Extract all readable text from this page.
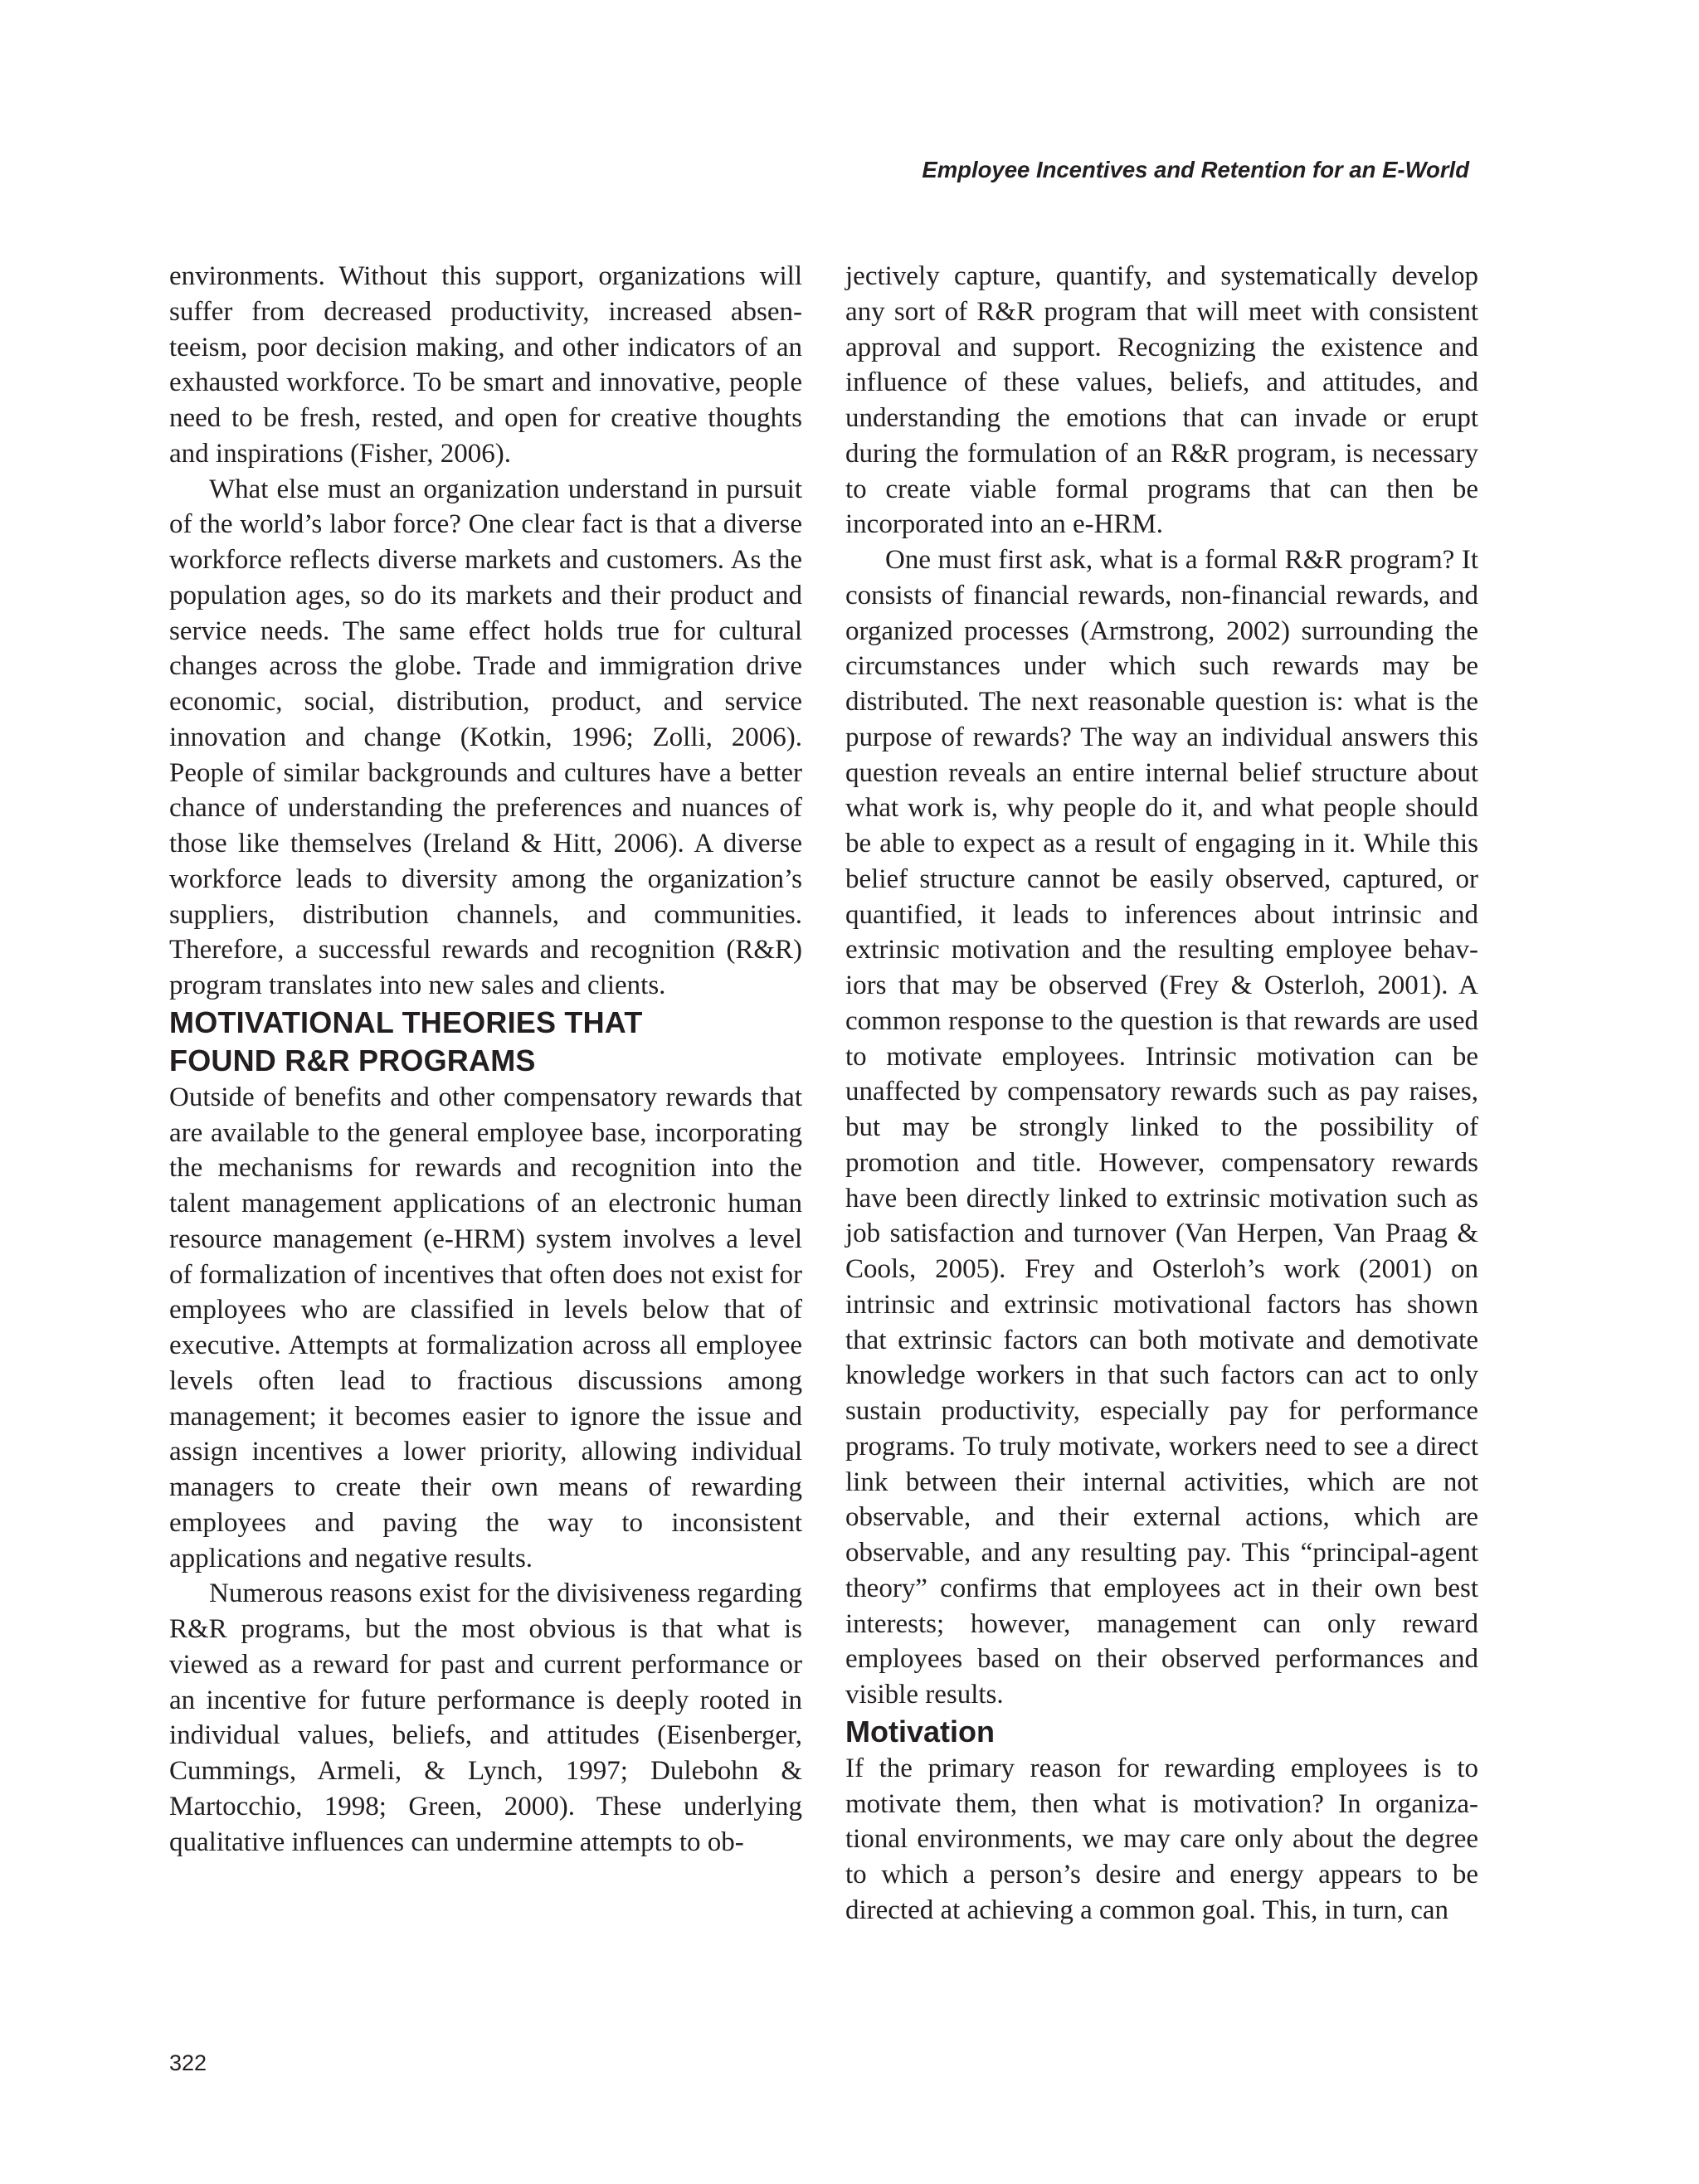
Employee Incentives and Retention for an E-World

environments. Without this support, organizations will suffer from decreased productivity, increased absenteeism, poor decision making, and other indicators of an exhausted workforce. To be smart and innovative, people need to be fresh, rested, and open for creative thoughts and inspirations (Fisher, 2006).

What else must an organization understand in pursuit of the world’s labor force? One clear fact is that a diverse workforce reflects diverse markets and customers. As the population ages, so do its markets and their product and service needs. The same effect holds true for cultural changes across the globe. Trade and immigration drive economic, social, distribution, product, and service innovation and change (Kotkin, 1996; Zolli, 2006). People of similar backgrounds and cultures have a better chance of understanding the preferences and nuances of those like themselves (Ireland & Hitt, 2006). A diverse workforce leads to diversity among the organization’s suppliers, distribution channels, and communities. Therefore, a successful rewards and recognition (R&R) program translates into new sales and clients.

MOTIVATIONAL THEORIES THAT
FOUND R&R PROGRAMS

Outside of benefits and other compensatory rewards that are available to the general employee base, incorporating the mechanisms for rewards and recognition into the talent management applications of an electronic human resource management (e-HRM) system involves a level of formalization of incentives that often does not exist for employees who are classified in levels below that of executive. Attempts at formalization across all employee levels often lead to fractious discussions among management; it becomes easier to ignore the issue and assign incentives a lower priority, allowing individual managers to create their own means of rewarding employees and paving the way to inconsistent applications and negative results.

Numerous reasons exist for the divisiveness regarding R&R programs, but the most obvious is that what is viewed as a reward for past and current performance or an incentive for future performance is deeply rooted in individual values, beliefs, and attitudes (Eisenberger, Cummings, Armeli, & Lynch, 1997; Dulebohn & Martocchio, 1998; Green, 2000). These underlying qualitative influences can undermine attempts to ob-

jectively capture, quantify, and systematically develop any sort of R&R program that will meet with consistent approval and support. Recognizing the existence and influence of these values, beliefs, and attitudes, and understanding the emotions that can invade or erupt during the formulation of an R&R program, is necessary to create viable formal programs that can then be incorporated into an e-HRM.

One must first ask, what is a formal R&R program? It consists of financial rewards, non-financial rewards, and organized processes (Armstrong, 2002) surrounding the circumstances under which such rewards may be distributed. The next reasonable question is: what is the purpose of rewards? The way an individual answers this question reveals an entire internal belief structure about what work is, why people do it, and what people should be able to expect as a result of engaging in it. While this belief structure cannot be easily observed, captured, or quantified, it leads to inferences about intrinsic and extrinsic motivation and the resulting employee behaviors that may be observed (Frey & Osterloh, 2001). A common response to the question is that rewards are used to motivate employees. Intrinsic motivation can be unaffected by compensatory rewards such as pay raises, but may be strongly linked to the possibility of promotion and title. However, compensatory rewards have been directly linked to extrinsic motivation such as job satisfaction and turnover (Van Herpen, Van Praag & Cools, 2005). Frey and Osterloh’s work (2001) on intrinsic and extrinsic motivational factors has shown that extrinsic factors can both motivate and demotivate knowledge workers in that such factors can act to only sustain productivity, especially pay for performance programs. To truly motivate, workers need to see a direct link between their internal activities, which are not observable, and their external actions, which are observable, and any resulting pay. This “principal-agent theory” confirms that employees act in their own best interests; however, management can only reward employees based on their observed performances and visible results.

Motivation

If the primary reason for rewarding employees is to motivate them, then what is motivation? In organizational environments, we may care only about the degree to which a person’s desire and energy appears to be directed at achieving a common goal. This, in turn, can

322
